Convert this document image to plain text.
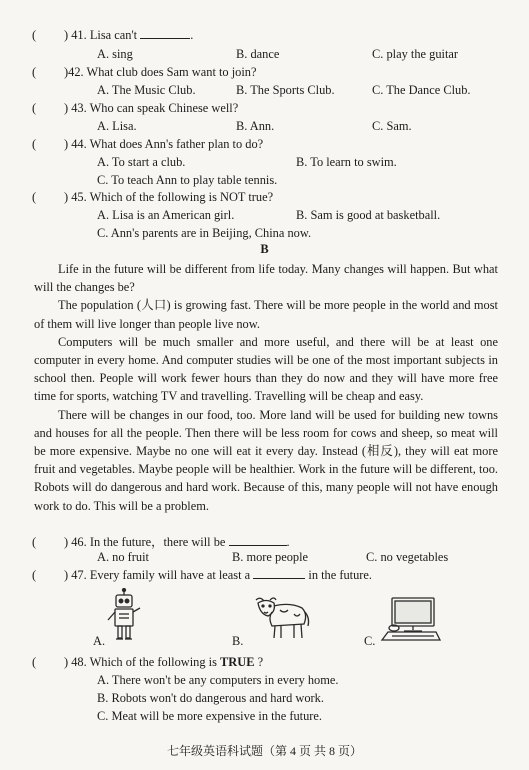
( ) 41. Lisa can't	.
A. sing	B. dance	C. play the guitar
( )42. What club does Sam want to join?
A. The Music Club.	B. The Sports Club.	C. The Dance Club.
( ) 43. Who can speak Chinese well?
A. Lisa.	B. Ann.	C. Sam.
( ) 44. What does Ann's father plan to do?
A. To start a club.	B. To learn to swim.
C. To teach Ann to play table tennis.
( ) 45. Which of the following is NOT true?
A. Lisa is an American girl.	B. Sam is good at basketball.
C. Ann's parents are in Beijing, China now.
B

Life in the future will be different from life today. Many changes will happen. But what will the changes be?

The population (人口) is growing fast. There will be more people in the world and most of them will live longer than people live now.

Computers will be much smaller and more useful, and there will be at least one computer in every home. And computer studies will be one of the most important subjects in school then. People will work fewer hours than they do now and they will have more free time for sports, watching TV and travelling. Travelling will be cheap and easy.

There will be changes in our food, too. More land will be used for building new towns and houses for all the people. Then there will be less room for cows and sheep, so meat will be more expensive. Maybe no one will eat it every day. Instead (相反), they will eat more fruit and vegetables. Maybe people will be healthier. Work in the future will be different, too. Robots will do dangerous and hard work. Because of this, many people will not have enough work to do. This will be a problem.

( ) 46. In the future，there will be	.
A. no fruit	B. more people	C. no vegetables
( ) 47. Every family will have at least a	in the future.
A.	B.	C.
( ) 48. Which of the following is TRUE ?
A. There won't be any computers in every home.
B. Robots won't do dangerous and hard work.
C. Meat will be more expensive in the future.
七年级英语科试题（第 4 页 共 8 页）
